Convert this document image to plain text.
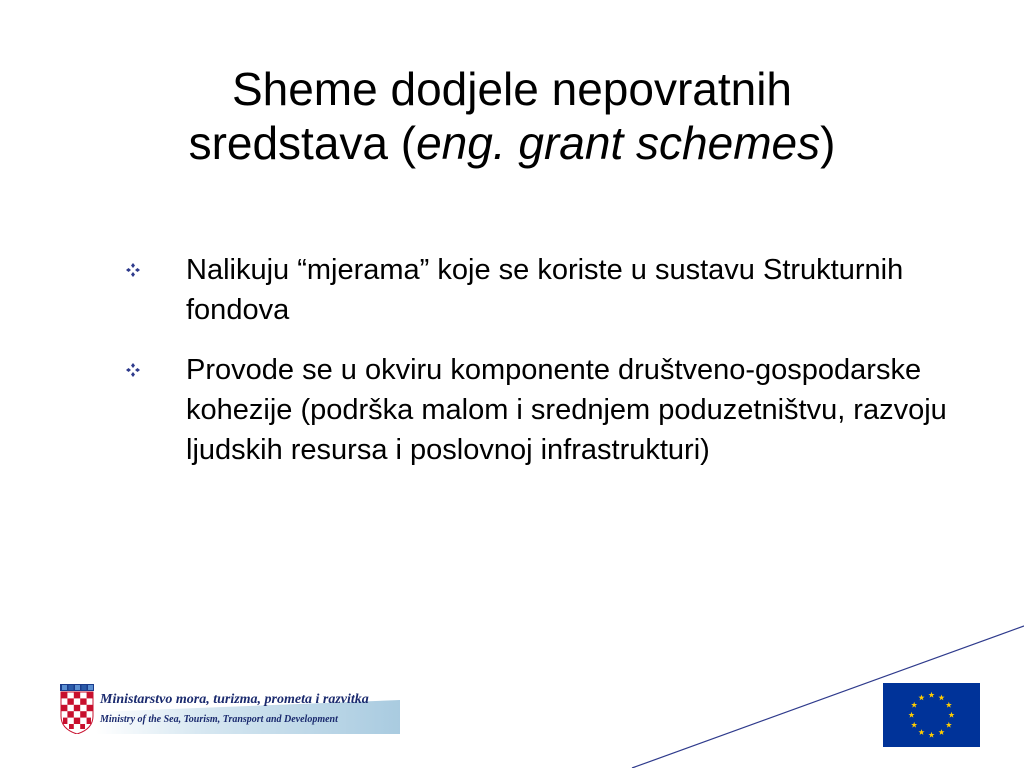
Sheme dodjele nepovratnih
sredstava (eng. grant schemes)
Nalikuju “mjerama” koje se koriste u sustavu Strukturnih fondova
Provode se u okviru komponente društveno-gospodarske kohezije (podrška malom i srednjem poduzetništvu, razvoju ljudskih resursa i poslovnoj infrastrukturi)
Ministarstvo mora, turizma, prometa i razvitka
Ministry of the Sea, Tourism, Transport and Development
